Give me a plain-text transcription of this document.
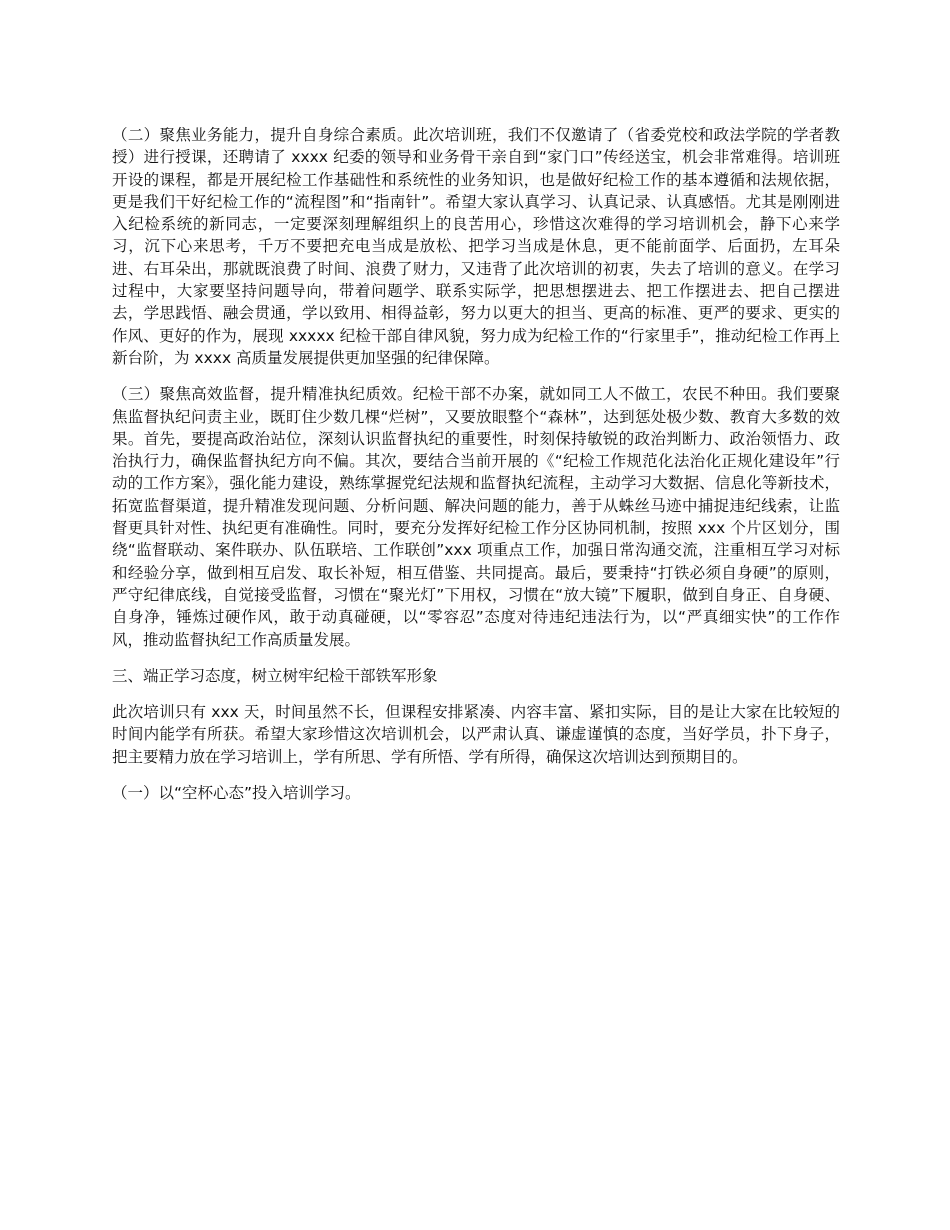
（二）聚焦业务能力，提升自身综合素质。此次培训班，我们不仅邀请了（省委党校和政法学院的学者教授）进行授课，还聘请了 xxxx 纪委的领导和业务骨干亲自到“家门口”传经送宝，机会非常难得。培训班开设的课程，都是开展纪检工作基础性和系统性的业务知识，也是做好纪检工作的基本遵循和法规依据，更是我们干好纪检工作的“流程图”和“指南针”。希望大家认真学习、认真记录、认真感悟。尤其是刚刚进入纪检系统的新同志，一定要深刻理解组织上的良苦用心，珍惜这次难得的学习培训机会，静下心来学习，沉下心来思考，千万不要把充电当成是放松、把学习当成是休息，更不能前面学、后面扔，左耳朵进、右耳朵出，那就既浪费了时间、浪费了财力，又违背了此次培训的初衷，失去了培训的意义。在学习过程中，大家要坚持问题导向，带着问题学、联系实际学，把思想摆进去、把工作摆进去、把自己摆进去，学思践悟、融会贯通，学以致用、相得益彰，努力以更大的担当、更高的标准、更严的要求、更实的作风、更好的作为，展现 xxxxx 纪检干部自律风貌，努力成为纪检工作的“行家里手”，推动纪检工作再上新台阶，为 xxxx 高质量发展提供更加坚强的纪律保障。

（三）聚焦高效监督，提升精准执纪质效。纪检干部不办案，就如同工人不做工，农民不种田。我们要聚焦监督执纪问责主业，既盯住少数几棵“烂树”，又要放眼整个“森林”，达到惩处极少数、教育大多数的效果。首先，要提高政治站位，深刻认识监督执纪的重要性，时刻保持敏锐的政治判断力、政治领悟力、政治执行力，确保监督执纪方向不偏。其次，要结合当前开展的《“纪检工作规范化法治化正规化建设年”行动的工作方案》，强化能力建设，熟练掌握党纪法规和监督执纪流程，主动学习大数据、信息化等新技术，拓宽监督渠道，提升精准发现问题、分析问题、解决问题的能力，善于从蛛丝马迹中捕捉违纪线索，让监督更具针对性、执纪更有准确性。同时，要充分发挥好纪检工作分区协同机制，按照 xxx 个片区划分，围绕“监督联动、案件联办、队伍联培、工作联创”xxx 项重点工作，加强日常沟通交流，注重相互学习对标和经验分享，做到相互启发、取长补短，相互借鉴、共同提高。最后，要秉持“打铁必须自身硬”的原则，严守纪律底线，自觉接受监督，习惯在“聚光灯”下用权，习惯在“放大镜”下履职，做到自身正、自身硬、自身净，锤炼过硬作风，敢于动真碰硬，以“零容忍”态度对待违纪违法行为，以“严真细实快”的工作作风，推动监督执纪工作高质量发展。

三、端正学习态度，树立树牢纪检干部铁军形象

此次培训只有 xxx 天，时间虽然不长，但课程安排紧凑、内容丰富、紧扣实际，目的是让大家在比较短的时间内能学有所获。希望大家珍惜这次培训机会，以严肃认真、谦虚谨慎的态度，当好学员，扑下身子，把主要精力放在学习培训上，学有所思、学有所悟、学有所得，确保这次培训达到预期目的。

（一）以“空杯心态”投入培训学习。
